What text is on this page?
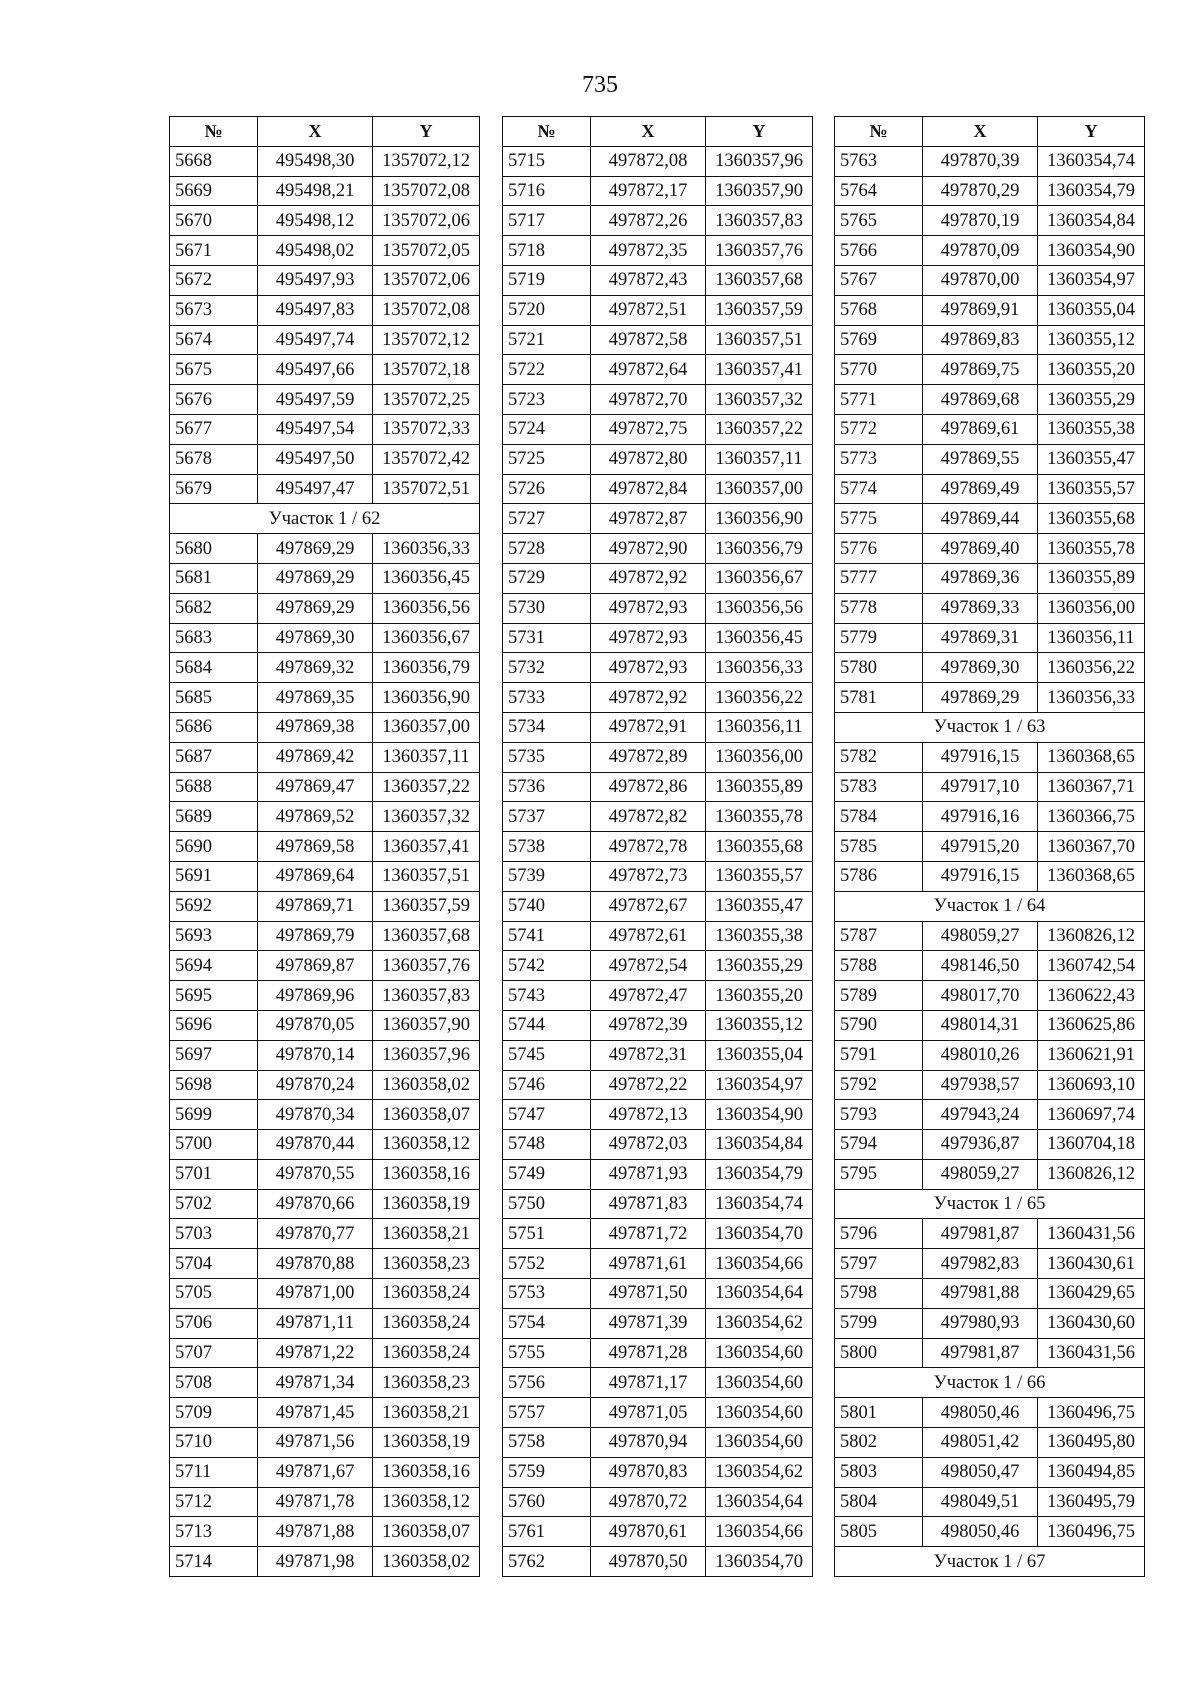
735
№	X	Y
5668	495498,30	1357072,12
5669	495498,21	1357072,08
5670	495498,12	1357072,06
5671	495498,02	1357072,05
5672	495497,93	1357072,06
5673	495497,83	1357072,08
5674	495497,74	1357072,12
5675	495497,66	1357072,18
5676	495497,59	1357072,25
5677	495497,54	1357072,33
5678	495497,50	1357072,42
5679	495497,47	1357072,51
Участок 1 / 62		
5680	497869,29	1360356,33
5681	497869,29	1360356,45
5682	497869,29	1360356,56
5683	497869,30	1360356,67
5684	497869,32	1360356,79
5685	497869,35	1360356,90
5686	497869,38	1360357,00
5687	497869,42	1360357,11
5688	497869,47	1360357,22
5689	497869,52	1360357,32
5690	497869,58	1360357,41
5691	497869,64	1360357,51
5692	497869,71	1360357,59
5693	497869,79	1360357,68
5694	497869,87	1360357,76
5695	497869,96	1360357,83
5696	497870,05	1360357,90
5697	497870,14	1360357,96
5698	497870,24	1360358,02
5699	497870,34	1360358,07
5700	497870,44	1360358,12
5701	497870,55	1360358,16
5702	497870,66	1360358,19
5703	497870,77	1360358,21
5704	497870,88	1360358,23
5705	497871,00	1360358,24
5706	497871,11	1360358,24
5707	497871,22	1360358,24
5708	497871,34	1360358,23
5709	497871,45	1360358,21
5710	497871,56	1360358,19
5711	497871,67	1360358,16
5712	497871,78	1360358,12
5713	497871,88	1360358,07
5714	497871,98	1360358,02
№	X	Y
5715	497872,08	1360357,96
5716	497872,17	1360357,90
5717	497872,26	1360357,83
5718	497872,35	1360357,76
5719	497872,43	1360357,68
5720	497872,51	1360357,59
5721	497872,58	1360357,51
5722	497872,64	1360357,41
5723	497872,70	1360357,32
5724	497872,75	1360357,22
5725	497872,80	1360357,11
5726	497872,84	1360357,00
5727	497872,87	1360356,90
5728	497872,90	1360356,79
5729	497872,92	1360356,67
5730	497872,93	1360356,56
5731	497872,93	1360356,45
5732	497872,93	1360356,33
5733	497872,92	1360356,22
5734	497872,91	1360356,11
5735	497872,89	1360356,00
5736	497872,86	1360355,89
5737	497872,82	1360355,78
5738	497872,78	1360355,68
5739	497872,73	1360355,57
5740	497872,67	1360355,47
5741	497872,61	1360355,38
5742	497872,54	1360355,29
5743	497872,47	1360355,20
5744	497872,39	1360355,12
5745	497872,31	1360355,04
5746	497872,22	1360354,97
5747	497872,13	1360354,90
5748	497872,03	1360354,84
5749	497871,93	1360354,79
5750	497871,83	1360354,74
5751	497871,72	1360354,70
5752	497871,61	1360354,66
5753	497871,50	1360354,64
5754	497871,39	1360354,62
5755	497871,28	1360354,60
5756	497871,17	1360354,60
5757	497871,05	1360354,60
5758	497870,94	1360354,60
5759	497870,83	1360354,62
5760	497870,72	1360354,64
5761	497870,61	1360354,66
5762	497870,50	1360354,70
№	X	Y
5763	497870,39	1360354,74
5764	497870,29	1360354,79
5765	497870,19	1360354,84
5766	497870,09	1360354,90
5767	497870,00	1360354,97
5768	497869,91	1360355,04
5769	497869,83	1360355,12
5770	497869,75	1360355,20
5771	497869,68	1360355,29
5772	497869,61	1360355,38
5773	497869,55	1360355,47
5774	497869,49	1360355,57
5775	497869,44	1360355,68
5776	497869,40	1360355,78
5777	497869,36	1360355,89
5778	497869,33	1360356,00
5779	497869,31	1360356,11
5780	497869,30	1360356,22
5781	497869,29	1360356,33
Участок 1 / 63		
5782	497916,15	1360368,65
5783	497917,10	1360367,71
5784	497916,16	1360366,75
5785	497915,20	1360367,70
5786	497916,15	1360368,65
Участок 1 / 64		
5787	498059,27	1360826,12
5788	498146,50	1360742,54
5789	498017,70	1360622,43
5790	498014,31	1360625,86
5791	498010,26	1360621,91
5792	497938,57	1360693,10
5793	497943,24	1360697,74
5794	497936,87	1360704,18
5795	498059,27	1360826,12
Участок 1 / 65		
5796	497981,87	1360431,56
5797	497982,83	1360430,61
5798	497981,88	1360429,65
5799	497980,93	1360430,60
5800	497981,87	1360431,56
Участок 1 / 66		
5801	498050,46	1360496,75
5802	498051,42	1360495,80
5803	498050,47	1360494,85
5804	498049,51	1360495,79
5805	498050,46	1360496,75
Участок 1 / 67		
